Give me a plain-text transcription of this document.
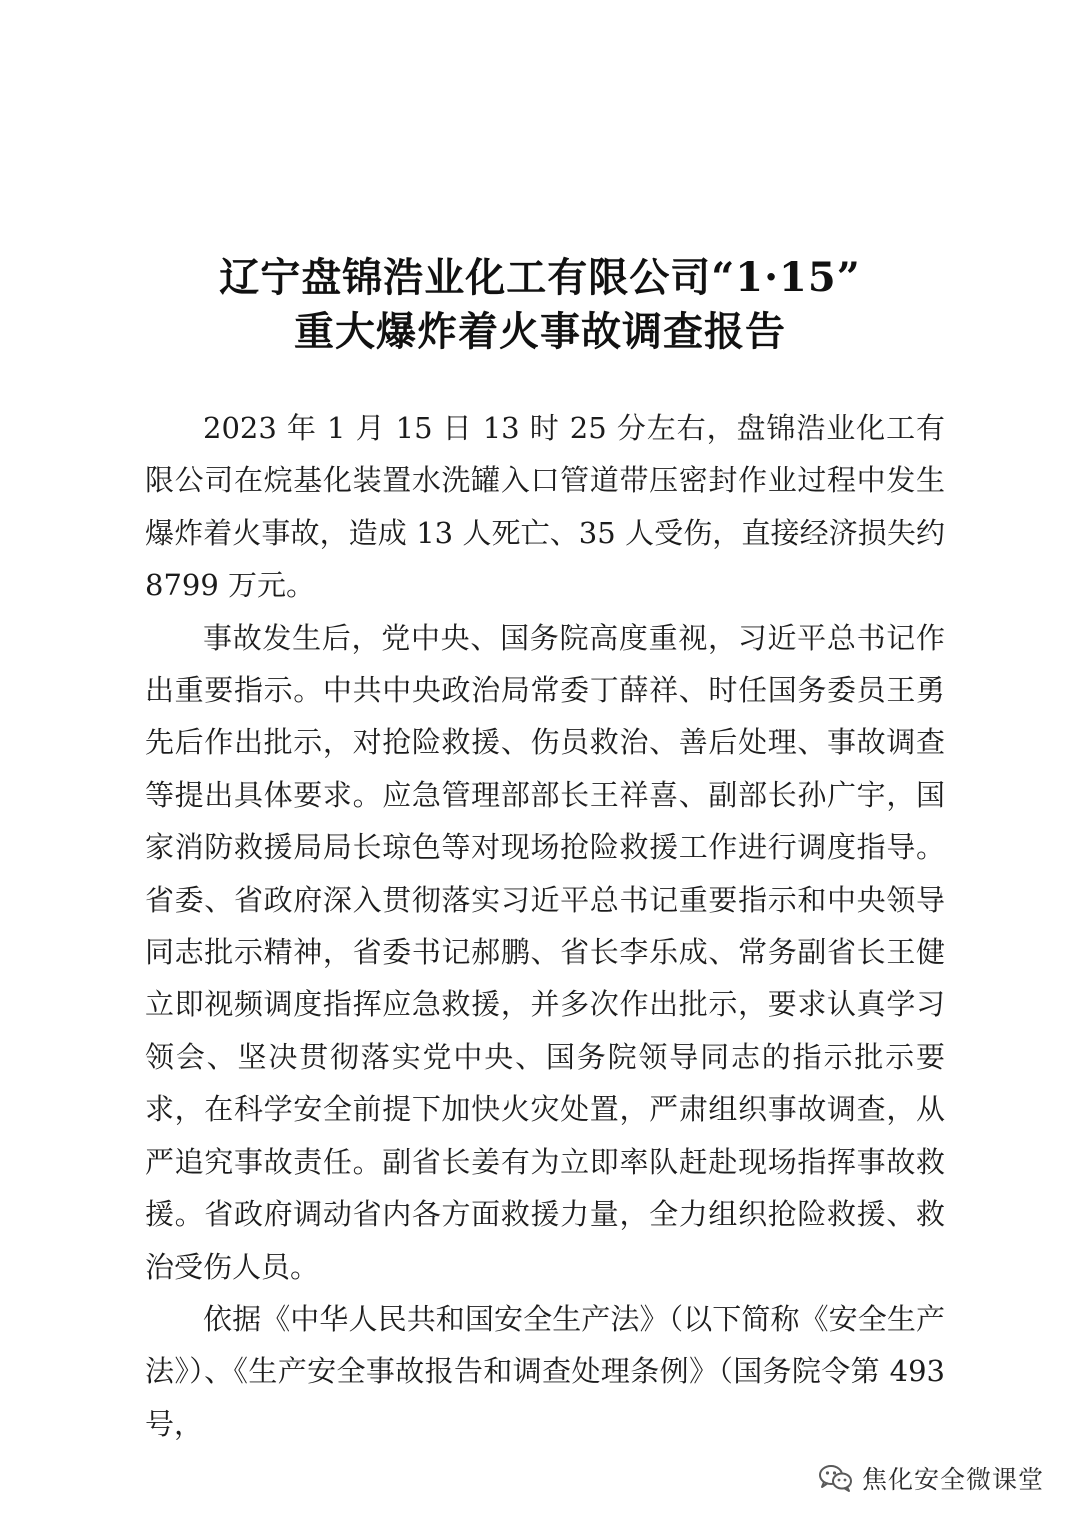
辽宁盘锦浩业化工有限公司“1·15”
重大爆炸着火事故调查报告

2023 年 1 月 15 日 13 时 25 分左右，盘锦浩业化工有限公司在烷基化装置水洗罐入口管道带压密封作业过程中发生爆炸着火事故，造成 13 人死亡、35 人受伤，直接经济损失约 8799 万元。

事故发生后，党中央、国务院高度重视，习近平总书记作出重要指示。中共中央政治局常委丁薛祥、时任国务委员王勇先后作出批示，对抢险救援、伤员救治、善后处理、事故调查等提出具体要求。应急管理部部长王祥喜、副部长孙广宇，国家消防救援局局长琼色等对现场抢险救援工作进行调度指导。省委、省政府深入贯彻落实习近平总书记重要指示和中央领导同志批示精神，省委书记郝鹏、省长李乐成、常务副省长王健立即视频调度指挥应急救援，并多次作出批示，要求认真学习领会、坚决贯彻落实党中央、国务院领导同志的指示批示要求，在科学安全前提下加快火灾处置，严肃组织事故调查，从严追究事故责任。副省长姜有为立即率队赶赴现场指挥事故救援。省政府调动省内各方面救援力量，全力组织抢险救援、救治受伤人员。

依据《中华人民共和国安全生产法》（以下简称《安全生产法》）、《生产安全事故报告和调查处理条例》（国务院令第 493 号，

焦化安全微课堂
